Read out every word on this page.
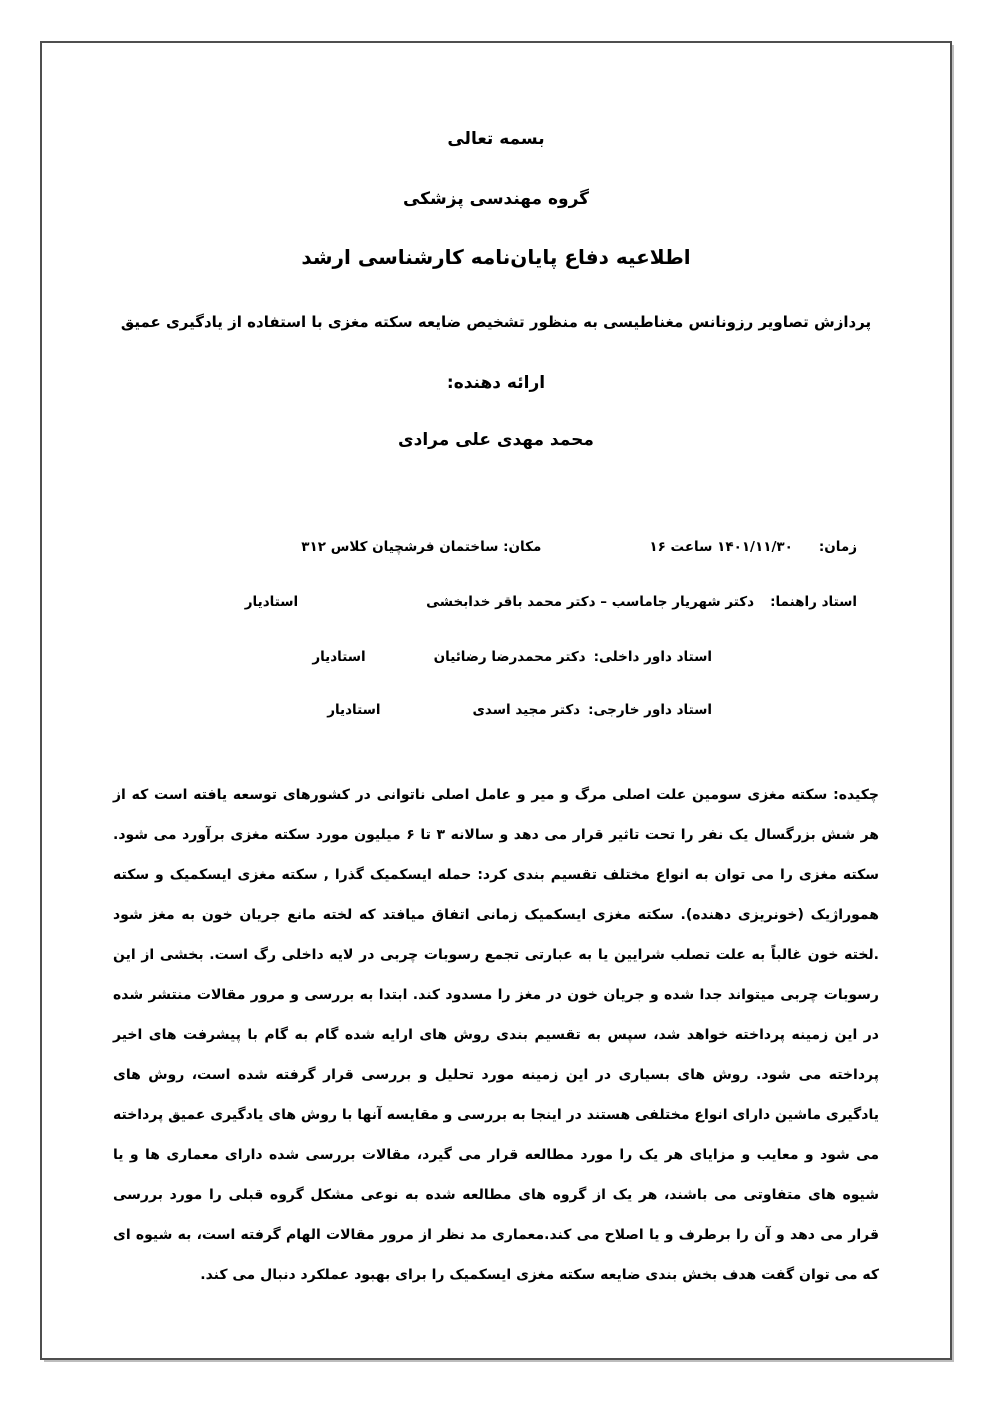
بسمه تعالی
گروه مهندسی پزشکی
اطلاعیه دفاع پایان‌نامه کارشناسی ارشد
پردازش تصاویر رزونانس مغناطیسی به منظور تشخیص ضایعه سکته مغزی با استفاده از یادگیری عمیق
ارائه دهنده:
محمد مهدی علی مرادی
زمان:
۱۴۰۱/۱۱/۳۰ ساعت ۱۶
مکان: ساختمان فرشچیان کلاس ۳۱۲
استاد راهنما:
دکتر شهریار جاماسب – دکتر محمد باقر خدابخشی
استادیار
استاد داور داخلی:
دکتر محمدرضا رضائیان
استادیار
استاد داور خارجی:
دکتر مجید اسدی
استادیار

چکیده: سکته مغزی سومین علت اصلی مرگ و میر و عامل اصلی ناتوانی در کشورهای توسعه یافته است که از هر شش بزرگسال یک نفر را تحت تاثیر قرار می دهد و سالانه ۳ تا ۶ میلیون مورد سکته مغزی برآورد می شود. سکته مغزی را می توان به انواع مختلف تقسیم بندی کرد: حمله ایسکمیک گذرا , سکته مغزی ایسکمیک و سکته هموراژیک (خونریزی دهنده). سکته مغزی ایسکمیک زمانی اتفاق میافتد که لخته مانع جریان خون به مغز شود .لخته خون غالباً به علت تصلب شرایین یا به عبارتی تجمع رسوبات چربی در لایه داخلی رگ است. بخشی از این رسوبات چربی میتواند جدا شده و جریان خون در مغز را مسدود کند. ابتدا به بررسی و مرور مقالات منتشر شده در این زمینه پرداخته خواهد شد، سپس به تقسیم بندی روش های ارایه شده گام به گام با پیشرفت های اخیر پرداخته می شود. روش های بسیاری در این زمینه مورد تحلیل و بررسی قرار گرفته شده است، روش های یادگیری ماشین دارای انواع مختلفی هستند در اینجا به بررسی و مقایسه آنها با روش های یادگیری عمیق پرداخته می شود و معایب و مزایای هر یک را مورد مطالعه قرار می گیرد، مقالات بررسی شده دارای معماری ها و یا شیوه های متفاوتی می باشند، هر یک از گروه های مطالعه شده به نوعی مشکل گروه قبلی را مورد بررسی قرار می دهد و آن را برطرف و یا اصلاح می کند.معماری مد نظر از مرور مقالات الهام گرفته است، به شیوه ای که می توان گفت هدف بخش بندی ضایعه سکته مغزی ایسکمیک را برای بهبود عملکرد دنبال می کند.
